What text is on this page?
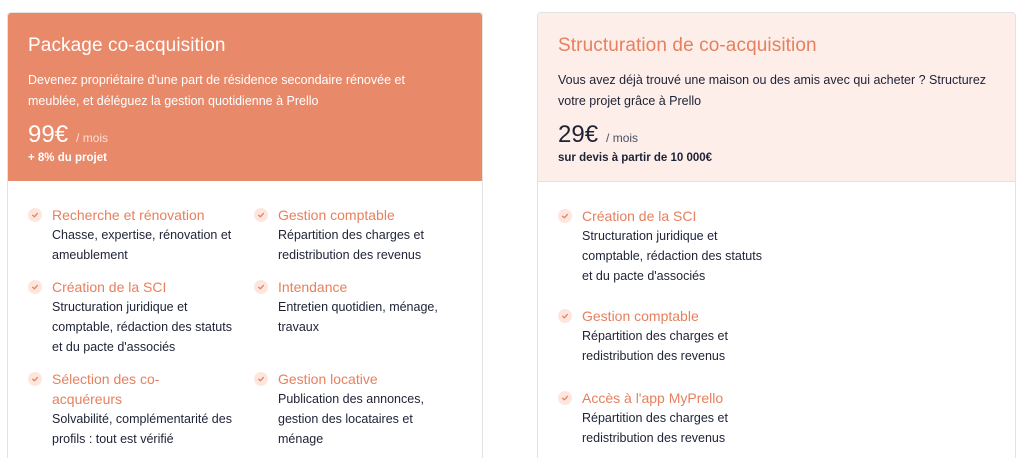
Package co-acquisition
Devenez propriétaire d'une part de résidence secondaire rénovée et meublée, et déléguez la gestion quotidienne à Prello
99€ / mois
+ 8% du projet
Recherche et rénovation
Chasse, expertise, rénovation et ameublement
Gestion comptable
Répartition des charges et redistribution des revenus
Création de la SCI
Structuration juridique et comptable, rédaction des statuts et du pacte d'associés
Intendance
Entretien quotidien, ménage, travaux
Sélection des co-acquéreurs
Solvabilité, complémentarité des profils : tout est vérifié
Gestion locative
Publication des annonces, gestion des locataires et ménage
Structuration de co-acquisition
Vous avez déjà trouvé une maison ou des amis avec qui acheter ? Structurez votre projet grâce à Prello
29€ / mois
sur devis à partir de 10 000€
Création de la SCI
Structuration juridique et comptable, rédaction des statuts et du pacte d'associés
Gestion comptable
Répartition des charges et redistribution des revenus
Accès à l'app MyPrello
Répartition des charges et redistribution des revenus
